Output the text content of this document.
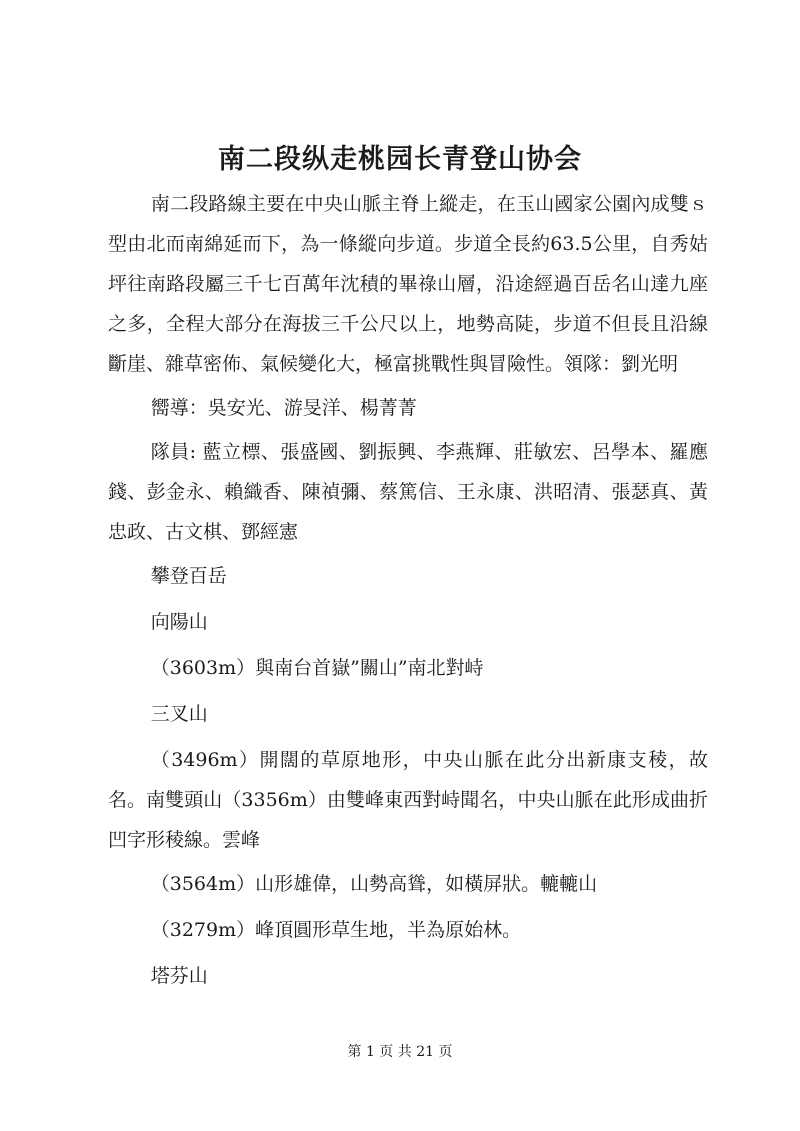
南二段纵走桃园长青登山协会

南二段路線主要在中央山脈主脊上縱走，在玉山國家公園內成雙ｓ型由北而南綿延而下，為一條縱向步道。步道全長約63.5公里，自秀姑坪往南路段屬三千七百萬年沈積的畢祿山層，沿途經過百岳名山達九座之多，全程大部分在海拔三千公尺以上，地勢高陡，步道不但長且沿線斷崖、雜草密佈、氣候變化大，極富挑戰性與冒險性。領隊：劉光明

嚮導：吳安光、游旻洋、楊菁菁

隊員: 藍立標、張盛國、劉振興、李燕輝、莊敏宏、呂學本、羅應錢、彭金永、賴織香、陳禎彌、蔡篤信、王永康、洪昭清、張瑟真、黃忠政、古文棋、鄧經憲

攀登百岳

向陽山

（3603m）與南台首嶽”關山”南北對峙

三叉山

（3496m）開闊的草原地形，中央山脈在此分出新康支稜，故名。南雙頭山（3356m）由雙峰東西對峙聞名，中央山脈在此形成曲折凹字形稜線。雲峰

（3564m）山形雄偉，山勢高聳，如橫屏狀。轆轆山

（3279m）峰頂圓形草生地，半為原始林。

塔芬山

第 1 页 共 21 页
